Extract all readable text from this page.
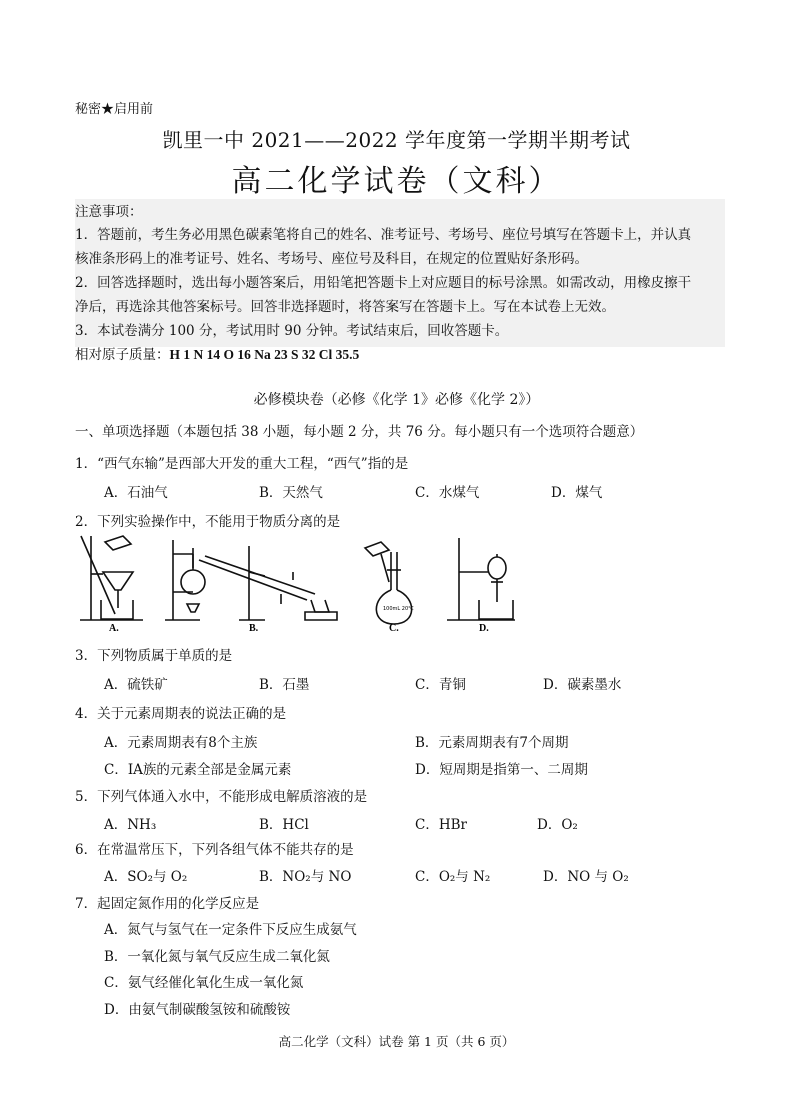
秘密★启用前
凯里一中 2021——2022 学年度第一学期半期考试
高二化学试卷（文科）
注意事项：
1．答题前，考生务必用黑色碳素笔将自己的姓名、准考证号、考场号、座位号填写在答题卡上，并认真
核准条形码上的准考证号、姓名、考场号、座位号及科目，在规定的位置贴好条形码。
2．回答选择题时，选出每小题答案后，用铅笔把答题卡上对应题目的标号涂黑。如需改动，用橡皮擦干
净后，再选涂其他答案标号。回答非选择题时，将答案写在答题卡上。写在本试卷上无效。
3．本试卷满分 100 分，考试用时 90 分钟。考试结束后，回收答题卡。
相对原子质量：H 1 N 14 O 16 Na 23 S 32 Cl 35.5
必修模块卷（必修《化学 1》必修《化学 2》）
一、单项选择题（本题包括 38 小题，每小题 2 分，共 76 分。每小题只有一个选项符合题意）
1．“西气东输”是西部大开发的重大工程，“西气”指的是
A．石油气	B．天然气	C．水煤气	D．煤气
2．下列实验操作中，不能用于物质分离的是
A.	B.
100mL 20℃
C.	D.
3．下列物质属于单质的是
A．硫铁矿	B．石墨	C．青铜	D．碳素墨水
4．关于元素周期表的说法正确的是
A．元素周期表有8个主族	B．元素周期表有7个周期
C．ⅠA族的元素全部是金属元素	D．短周期是指第一、二周期
5．下列气体通入水中，不能形成电解质溶液的是
A．NH₃	B．HCl	C．HBr	D．O₂
6．在常温常压下，下列各组气体不能共存的是
A．SO₂与 O₂	B．NO₂与 NO	C．O₂与 N₂	D．NO 与 O₂
7．起固定氮作用的化学反应是
A．氮气与氢气在一定条件下反应生成氨气
B．一氧化氮与氧气反应生成二氧化氮
C．氨气经催化氧化生成一氧化氮
D．由氨气制碳酸氢铵和硫酸铵
高二化学（文科）试卷 第 1 页（共 6 页）
